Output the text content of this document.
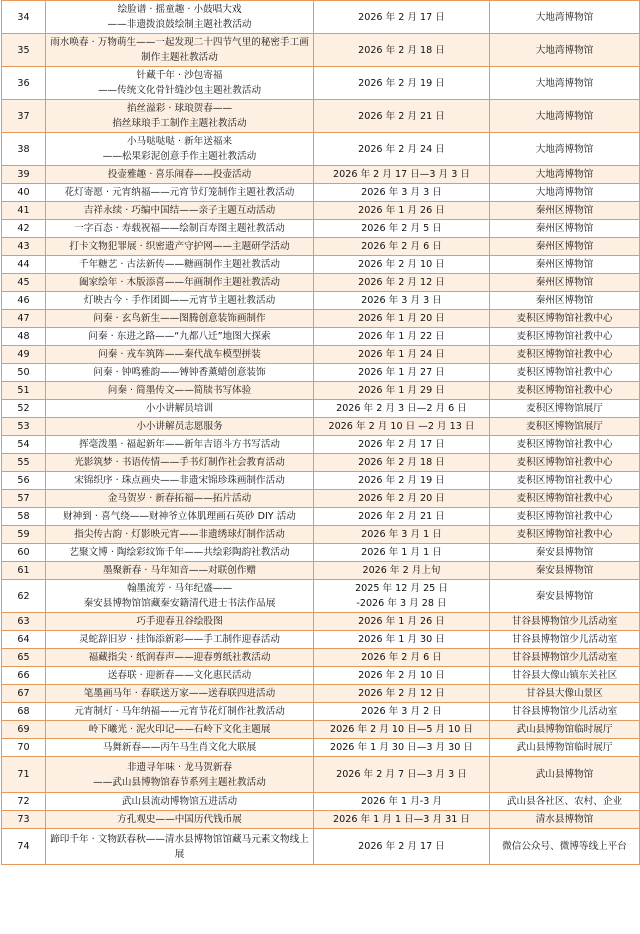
34	绘脸谱 · 摇童趣 · 小鼓唱大戏
——非遗拨浪鼓绘制主题社教活动	2026 年 2 月 17 日	大地湾博物馆
35	雨水唤春 · 万物萌生——一起发现二十四节气里的秘密手工画制作主题社教活动	2026 年 2 月 18 日	大地湾博物馆
36	针藏千年 · 沙包寄福
——传统文化骨针缝沙包主题社教活动	2026 年 2 月 19 日	大地湾博物馆
37	掐丝溢彩 · 球琅贺春——
掐丝球琅手工制作主题社教活动	2026 年 2 月 21 日	大地湾博物馆
38	小马哒哒哒 · 新年送福来
——松果彩泥创意手作主题社教活动	2026 年 2 月 24 日	大地湾博物馆
39	投壶雅趣 · 喜乐闹春——投壶活动	2026 年 2 月 17 日—3 月 3 日	大地湾博物馆
40	花灯寄愿 · 元宵纳福——元宵节灯笼制作主题社教活动	2026 年 3 月 3 日	大地湾博物馆
41	吉祥永续 · 巧编中国结——亲子主题互动活动	2026 年 1 月 26 日	秦州区博物馆
42	一字百态 · 寿载祝福——绘制百寿图主题社教活动	2026 年 2 月 5 日	秦州区博物馆
43	打卡文物犯罪展 · 织密遗产守护网——主题研学活动	2026 年 2 月 6 日	秦州区博物馆
44	千年糖艺 · 古法新传——糖画制作主题社教活动	2026 年 2 月 10 日	秦州区博物馆
45	阖家绘年 · 木版添喜——年画制作主题社教活动	2026 年 2 月 12 日	秦州区博物馆
46	灯映古今 · 手作团圆——元宵节主题社教活动	2026 年 3 月 3 日	秦州区博物馆
47	问秦 · 玄鸟新生——图腾创意装饰画制作	2026 年 1 月 20 日	麦积区博物馆社教中心
48	问秦 · 东进之路——“九都八迁”地图大探索	2026 年 1 月 22 日	麦积区博物馆社教中心
49	问秦 · 戎车筑阵——秦代战车模型拼装	2026 年 1 月 24 日	麦积区博物馆社教中心
50	问秦 · 钟鸣雅韵——镈钟香薰蜡创意装饰	2026 年 1 月 27 日	麦积区博物馆社教中心
51	问秦 · 简墨传文——简牍书写体验	2026 年 1 月 29 日	麦积区博物馆社教中心
52	小小讲解员培训	2026 年 2 月 3 日—2 月 6 日	麦积区博物馆展厅
53	小小讲解员志愿服务	2026 年 2 月 10 日 —2 月 13 日	麦积区博物馆展厅
54	挥毫泼墨 · 福起新年——新年吉语斗方书写活动	2026 年 2 月 17 日	麦积区博物馆社教中心
55	光影筑梦 · 书语传情——手书灯制作社会教育活动	2026 年 2 月 18 日	麦积区博物馆社教中心
56	宋锦织序 · 珠点画央——非遗宋锦珍珠画制作活动	2026 年 2 月 19 日	麦积区博物馆社教中心
57	金马贺岁 · 新春拓福——拓片活动	2026 年 2 月 20 日	麦积区博物馆社教中心
58	财神到 · 喜气绕——财神爷立体肌理画石英砂 DIY 活动	2026 年 2 月 21 日	麦积区博物馆社教中心
59	指尖传古韵 · 灯影映元宵——非遗绣球灯制作活动	2026 年 3 月 1 日	麦积区博物馆社教中心
60	艺聚文博 · 陶绘彩纹饰千年——共绘彩陶韵社教活动	2026 年 1 月 1 日	秦安县博物馆
61	墨聚新春 · 马年知音——对联创作赠	2026 年 2 月上旬	秦安县博物馆
62	翰墨流芳 · 马年纪盛——
秦安县博物馆馆藏秦安籍清代进士书法作品展	2025 年 12 月 25 日
-2026 年 3 月 28 日	秦安县博物馆
63	巧手迎春丑谷绘股图	2026 年 1 月 26 日	甘谷县博物馆少儿活动室
64	灵蛇辞旧岁 · 挂饰添新彩——手工制作迎春活动	2026 年 1 月 30 日	甘谷县博物馆少儿活动室
65	福藏指尖 · 纸润春声——迎春剪纸社教活动	2026 年 2 月 6 日	甘谷县博物馆少儿活动室
66	送春联 · 迎新春——文化惠民活动	2026 年 2 月 10 日	甘谷县大像山镇东关社区
67	笔墨画马年 · 春联送万家——送春联四进活动	2026 年 2 月 12 日	甘谷县大像山景区
68	元宵制灯 · 马年纳福——元宵节花灯制作社教活动	2026 年 3 月 2 日	甘谷县博物馆少儿活动室
69	岭下曦光 · 泥火印记——石岭下文化主题展	2026 年 2 月 10 日—5 月 10 日	武山县博物馆临时展厅
70	马舞新春——丙午马生肖文化大联展	2026 年 1 月 30 日—3 月 30 日	武山县博物馆临时展厅
71	非遗寻年味 · 龙马贺新春
——武山县博物馆春节系列主题社教活动	2026 年 2 月 7 日—3 月 3 日	武山县博物馆
72	武山县流动博物馆五进活动	2026 年 1 月-3 月	武山县各社区、农村、企业
73	方孔观史——中国历代钱币展	2026 年 1 月 1 日—3 月 31 日	清水县博物馆
74	蹄印千年 · 文物跃春秋——清水县博物馆馆藏马元素文物线上展	2026 年 2 月 17 日	微信公众号、微博等线上平台
